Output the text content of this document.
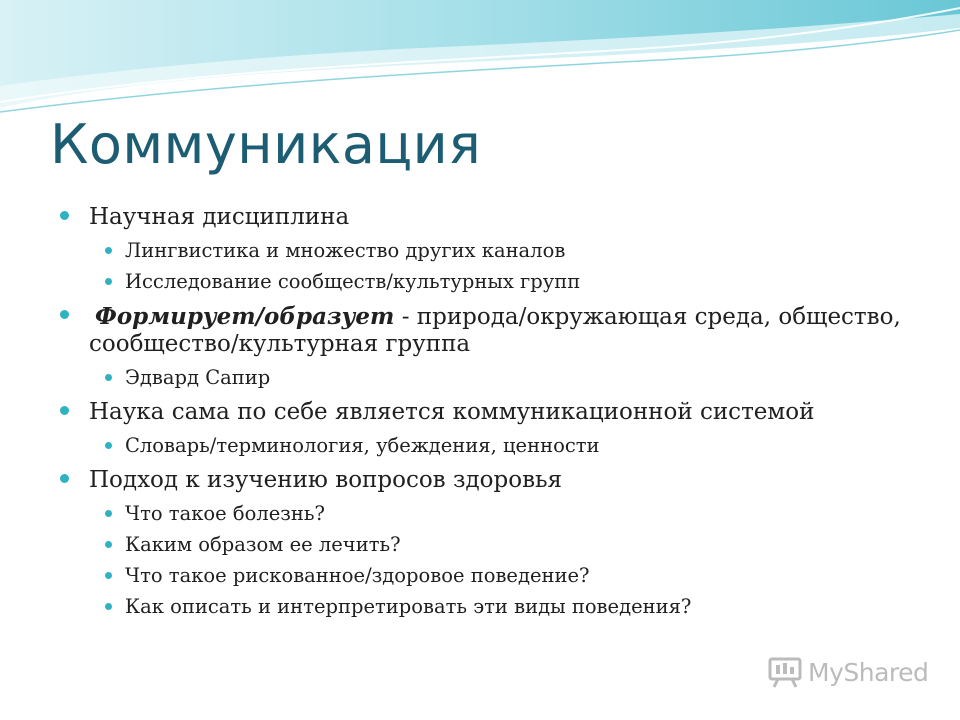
Коммуникация
Научная дисциплина
Лингвистика и множество других каналов
Исследование сообществ/культурных групп
Формирует/образует - природа/окружающая среда, общество, сообщество/культурная группа
Эдвард Сапир
Наука сама по себе является коммуникационной системой
Словарь/терминология, убеждения, ценности
Подход к изучению вопросов здоровья
Что такое болезнь?
Каким образом ее лечить?
Что такое рискованное/здоровое поведение?
Как описать и интерпретировать эти виды поведения?
MyShared
